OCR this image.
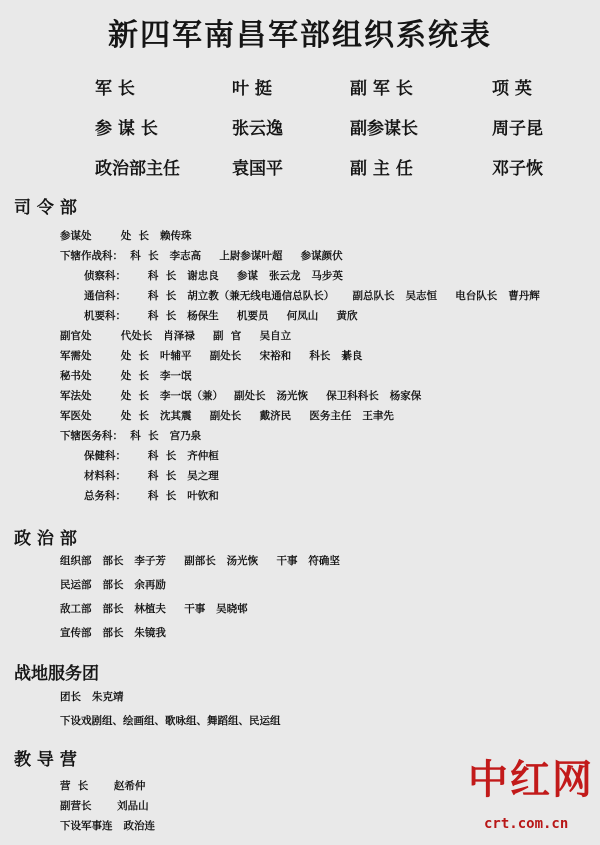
新四军南昌军部组织系统表
军 长	叶 挺	副 军 长	项 英
参 谋 长	张云逸	副参谋长	周子昆
政治部主任	袁国平	副 主 任	邓子恢
司 令 部
参谋处        处  长   赖传珠
下辖作战科：  科  长   李志高     上尉参谋叶超     参谋颜伏
侦察科：      科  长   谢忠良     参谋   张云龙   马步英
通信科：      科  长   胡立教（兼无线电通信总队长）     副总队长   吴志恒     电台队长   曹丹辉
机要科：      科  长   杨保生     机要员     何凤山     黄欣
副官处        代处长   肖泽禄     副  官     吴自立
军需处        处  长   叶辅平     副处长     宋裕和     科长   綦良
秘书处        处  长   李一氓
军法处        处  长   李一氓（兼）   副处长   汤光恢     保卫科科长   杨家保
军医处        处  长   沈其震     副处长     戴济民     医务主任   王聿先
下辖医务科：  科  长   宫乃泉
保健科：      科  长   齐仲桓
材料科：      科  长   吴之理
总务科：      科  长   叶钦和
政 治 部
组织部   部长   李子芳     副部长   汤光恢     干事   符确坚
民运部   部长   余再励
敌工部   部长   林植夫     干事   吴晓邨
宣传部   部长   朱镜我
战地服务团
团长   朱克靖
下设戏剧组、绘画组、歌咏组、舞蹈组、民运组
教 导 营
营  长       赵希仲
副营长       刘品山
下设军事连   政治连
中红网
crt.com.cn
